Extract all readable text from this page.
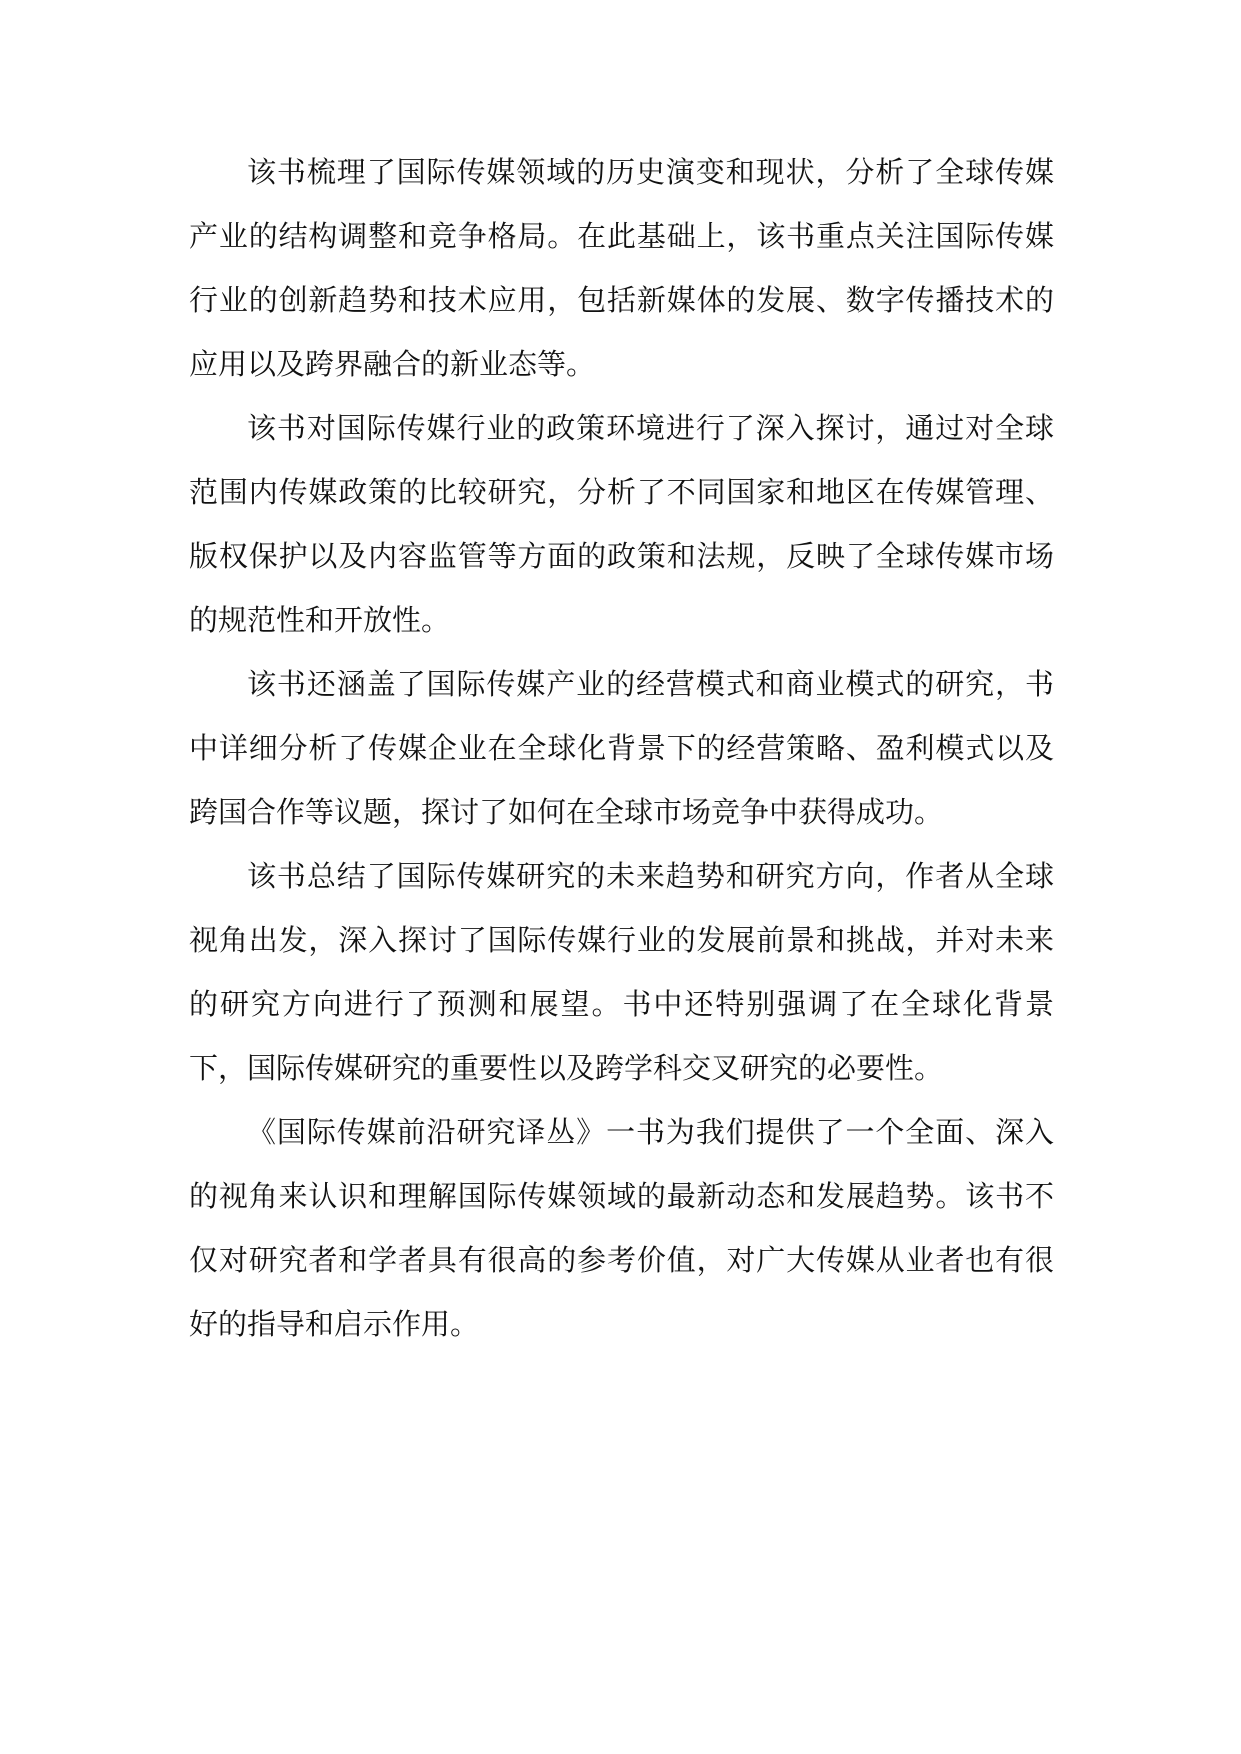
该书梳理了国际传媒领域的历史演变和现状，分析了全球传媒产业的结构调整和竞争格局。在此基础上，该书重点关注国际传媒行业的创新趋势和技术应用，包括新媒体的发展、数字传播技术的应用以及跨界融合的新业态等。

该书对国际传媒行业的政策环境进行了深入探讨，通过对全球范围内传媒政策的比较研究，分析了不同国家和地区在传媒管理、版权保护以及内容监管等方面的政策和法规，反映了全球传媒市场的规范性和开放性。

该书还涵盖了国际传媒产业的经营模式和商业模式的研究，书中详细分析了传媒企业在全球化背景下的经营策略、盈利模式以及跨国合作等议题，探讨了如何在全球市场竞争中获得成功。

该书总结了国际传媒研究的未来趋势和研究方向，作者从全球视角出发，深入探讨了国际传媒行业的发展前景和挑战，并对未来的研究方向进行了预测和展望。书中还特别强调了在全球化背景下，国际传媒研究的重要性以及跨学科交叉研究的必要性。

《国际传媒前沿研究译丛》一书为我们提供了一个全面、深入的视角来认识和理解国际传媒领域的最新动态和发展趋势。该书不仅对研究者和学者具有很高的参考价值，对广大传媒从业者也有很好的指导和启示作用。
